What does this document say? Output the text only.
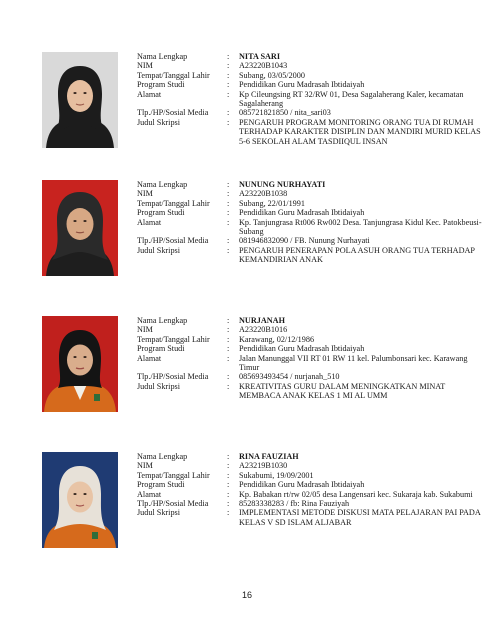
Nama Lengkap	:	NITA SARI
NIM	:	A23220B1043
Tempat/Tanggal Lahir	:	Subang, 03/05/2000
Program Studi	:	Pendidikan Guru Madrasah Ibtidaiyah
Alamat	:	Kp Cileungsing RT 32/RW 01, Desa Sagalaherang Kaler, kecamatan Sagalaherang
Tlp./HP/Sosial Media	:	085721821850 / nita_sari03
Judul Skripsi	:	PENGARUH PROGRAM MONITORING ORANG TUA DI RUMAH TERHADAP KARAKTER DISIPLIN DAN MANDIRI MURID KELAS 5-6 SEKOLAH ALAM TASDIIQUL INSAN
Nama Lengkap	:	NUNUNG NURHAYATI
NIM	:	A23220B1038
Tempat/Tanggal Lahir	:	Subang, 22/01/1991
Program Studi	:	Pendidikan Guru Madrasah Ibtidaiyah
Alamat	:	Kp. Tanjungrasa Rt006 Rw002 Desa. Tanjungrasa Kidul Kec. Patokbeusi-Subang
Tlp./HP/Sosial Media	:	081946832090 / FB. Nunung Nurhayati
Judul Skripsi	:	PENGARUH PENERAPAN POLA ASUH ORANG TUA TERHADAP KEMANDIRIAN ANAK
Nama Lengkap	:	NURJANAH
NIM	:	A23220B1016
Tempat/Tanggal Lahir	:	Karawang, 02/12/1986
Program Studi	:	Pendidikan Guru Madrasah Ibtidaiyah
Alamat	:	Jalan Manunggal VII RT 01 RW 11 kel. Palumbonsari kec. Karawang Timur
Tlp./HP/Sosial Media	:	085693493454 / nurjanah_510
Judul Skripsi	:	KREATIVITAS GURU DALAM MENINGKATKAN MINAT MEMBACA ANAK KELAS 1 MI AL UMM
Nama Lengkap	:	RINA FAUZIAH
NIM	:	A23219B1030
Tempat/Tanggal Lahir	:	Sukabumi, 19/09/2001
Program Studi	:	Pendidikan Guru Madrasah Ibtidaiyah
Alamat	:	Kp. Babakan rt/rw 02/05 desa Langensari kec. Sukaraja kab. Sukabumi
Tlp./HP/Sosial Media	:	85283338283 / fb: Rina Fauziyah
Judul Skripsi	:	IMPLEMENTASI METODE DISKUSI MATA PELAJARAN PAI PADA KELAS V SD ISLAM ALJABAR
16
